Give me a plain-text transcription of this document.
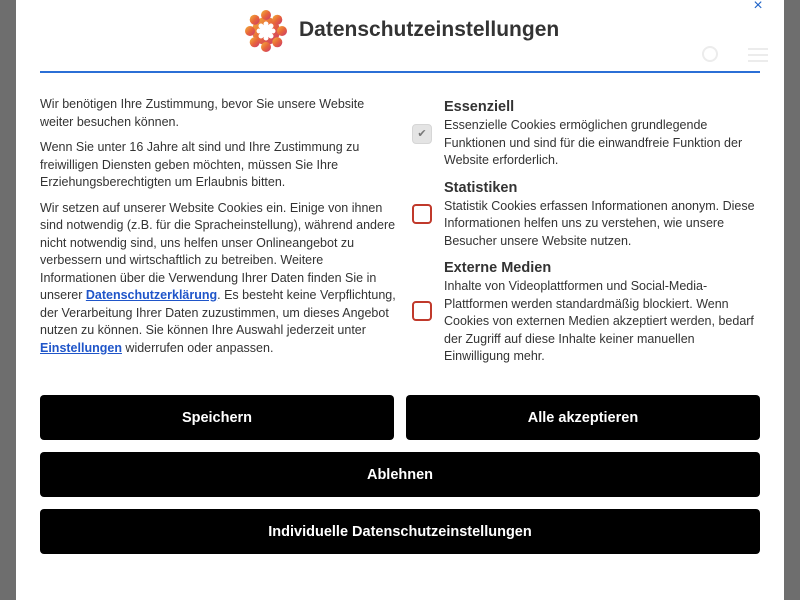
×
Datenschutzeinstellungen

Wir benötigen Ihre Zustimmung, bevor Sie unsere Website weiter besuchen können.

Wenn Sie unter 16 Jahre alt sind und Ihre Zustimmung zu freiwilligen Diensten geben möchten, müssen Sie Ihre Erziehungsberechtigten um Erlaubnis bitten.

Wir setzen auf unserer Website Cookies ein. Einige von ihnen sind notwendig (z.B. für die Spracheinstellung), während andere nicht notwendig sind, uns helfen unser Onlineangebot zu verbessern und wirtschaftlich zu betreiben. Weitere Informationen über die Verwendung Ihrer Daten finden Sie in unserer Datenschutzerklärung. Es besteht keine Verpflichtung, der Verarbeitung Ihrer Daten zuzustimmen, um dieses Angebot nutzen zu können. Sie können Ihre Auswahl jederzeit unter Einstellungen widerrufen oder anpassen.

Essenziell
✔
Essenzielle Cookies ermöglichen grundlegende Funktionen und sind für die einwandfreie Funktion der Website erforderlich.
Statistiken
Statistik Cookies erfassen Informationen anonym. Diese Informationen helfen uns zu verstehen, wie unsere Besucher unsere Website nutzen.
Externe Medien
Inhalte von Videoplattformen und Social-Media-Plattformen werden standardmäßig blockiert. Wenn Cookies von externen Medien akzeptiert werden, bedarf der Zugriff auf diese Inhalte keiner manuellen Einwilligung mehr.
Speichern	Alle akzeptieren
Ablehnen
Individuelle Datenschutzeinstellungen
